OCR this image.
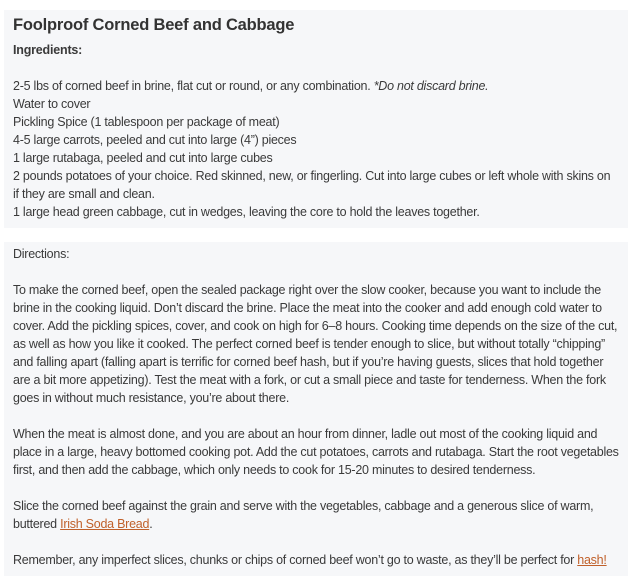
Foolproof Corned Beef and Cabbage
Ingredients:

2-5 lbs of corned beef in brine, flat cut or round, or any combination. *Do not discard brine.

Water to cover

Pickling Spice (1 tablespoon per package of meat)

4-5 large carrots, peeled and cut into large (4”) pieces

1 large rutabaga, peeled and cut into large cubes

2 pounds potatoes of your choice. Red skinned, new, or fingerling. Cut into large cubes or left whole with skins on if they are small and clean.

1 large head green cabbage, cut in wedges, leaving the core to hold the leaves together.

Directions:

To make the corned beef, open the sealed package right over the slow cooker, because you want to include the brine in the cooking liquid. Don’t discard the brine. Place the meat into the cooker and add enough cold water to cover. Add the pickling spices, cover, and cook on high for 6–8 hours. Cooking time depends on the size of the cut, as well as how you like it cooked. The perfect corned beef is tender enough to slice, but without totally “chipping” and falling apart (falling apart is terrific for corned beef hash, but if you’re having guests, slices that hold together are a bit more appetizing). Test the meat with a fork, or cut a small piece and taste for tenderness. When the fork goes in without much resistance, you’re about there.

When the meat is almost done, and you are about an hour from dinner, ladle out most of the cooking liquid and place in a large, heavy bottomed cooking pot. Add the cut potatoes, carrots and rutabaga. Start the root vegetables first, and then add the cabbage, which only needs to cook for 15-20 minutes to desired tenderness.

Slice the corned beef against the grain and serve with the vegetables, cabbage and a generous slice of warm, buttered Irish Soda Bread.

Remember, any imperfect slices, chunks or chips of corned beef won’t go to waste, as they’ll be perfect for hash!
